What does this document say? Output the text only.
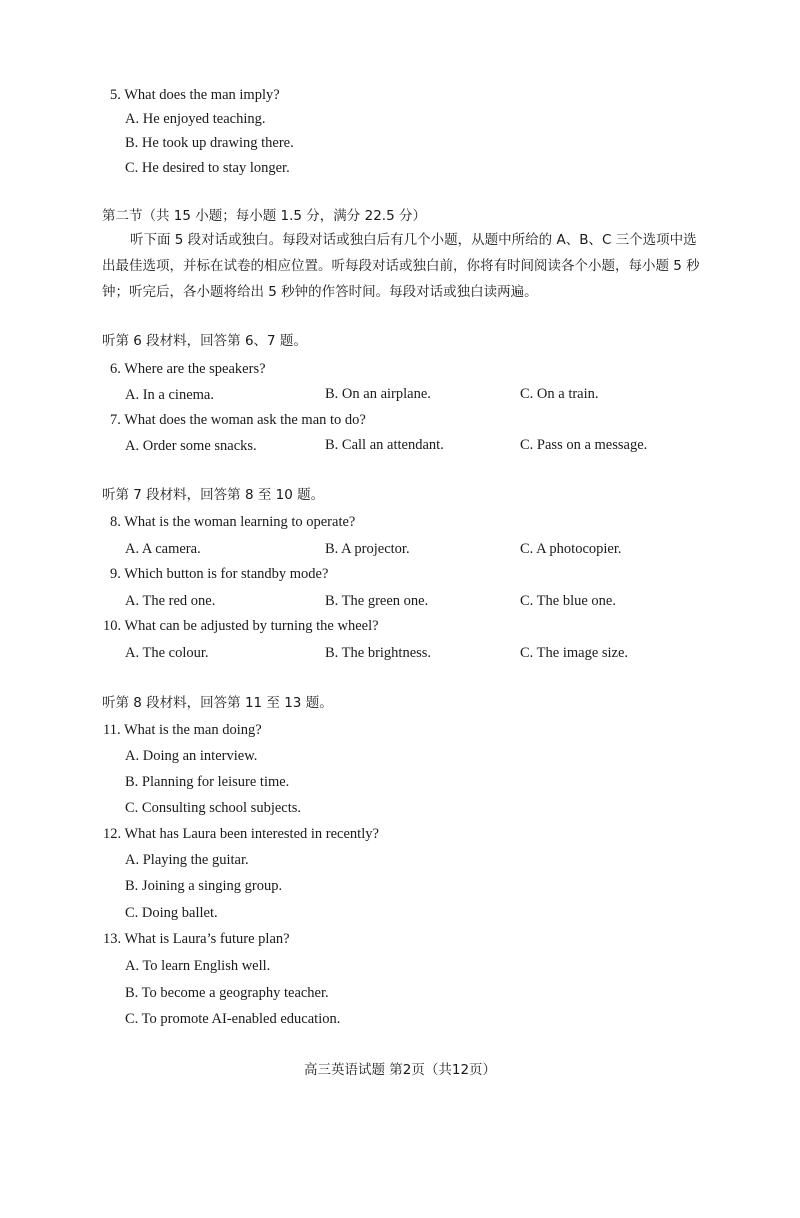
5. What does the man imply?
A. He enjoyed teaching.
B. He took up drawing there.
C. He desired to stay longer.
第二节（共 15 小题；每小题 1.5 分，满分 22.5 分）
听下面 5 段对话或独白。每段对话或独白后有几个小题，从题中所给的 A、B、C 三个选项中选出最佳选项，并标在试卷的相应位置。听每段对话或独白前，你将有时间阅读各个小题，每小题 5 秒钟；听完后，各小题将给出 5 秒钟的作答时间。每段对话或独白读两遍。
听第 6 段材料，回答第 6、7 题。
6. Where are the speakers?
A. In a cinema.	B. On an airplane.	C. On a train.
7. What does the woman ask the man to do?
A. Order some snacks.	B. Call an attendant.	C. Pass on a message.
听第 7 段材料，回答第 8 至 10 题。
8. What is the woman learning to operate?
A. A camera.	B. A projector.	C. A photocopier.
9. Which button is for standby mode?
A. The red one.	B. The green one.	C. The blue one.
10. What can be adjusted by turning the wheel?
A. The colour.	B. The brightness.	C. The image size.
听第 8 段材料，回答第 11 至 13 题。
11. What is the man doing?
A. Doing an interview.
B. Planning for leisure time.
C. Consulting school subjects.
12. What has Laura been interested in recently?
A. Playing the guitar.
B. Joining a singing group.
C. Doing ballet.
13. What is Laura’s future plan?
A. To learn English well.
B. To become a geography teacher.
C. To promote AI-enabled education.
高三英语试题 第2页（共12页）
